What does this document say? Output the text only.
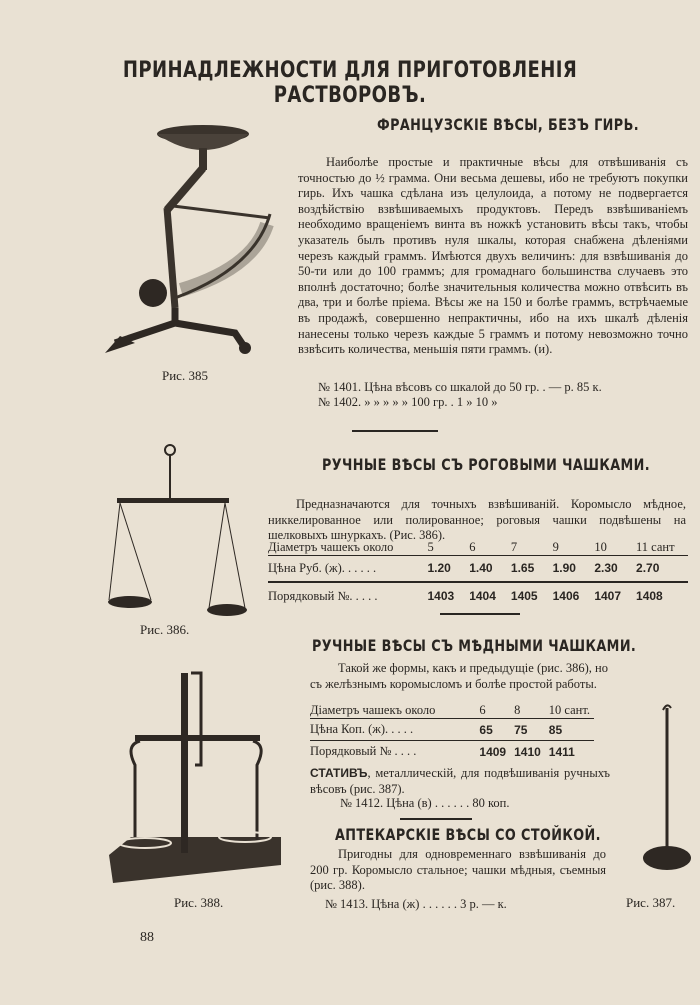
ПРИНАДЛЕЖНОСТИ ДЛЯ ПРИГОТОВЛЕНІЯ РАСТВОРОВЪ.
Рис. 385
ФРАНЦУЗСКІЕ ВѢСЫ, БЕЗЪ ГИРЬ.

Наиболѣе простые и практичные вѣсы для отвѣшиванія съ точностью до ½ грамма. Они весьма дешевы, ибо не требуютъ покупки гирь. Ихъ чашка сдѣлана изъ целулоида, а потому не подвергается воздѣйствію взвѣшиваемыхъ продуктовъ. Передъ взвѣшиваніемъ необходимо вращеніемъ винта въ ножкѣ установить вѣсы такъ, чтобы указатель былъ противъ нуля шкалы, которая снабжена дѣленіями черезъ каждый граммъ. Имѣются двухъ величинъ: для взвѣшиванія до 50-ти или до 100 граммъ; для громаднаго большинства случаевъ это вполнѣ достаточно; болѣе значительныя количества можно отвѣсить въ два, три и болѣе пріема. Вѣсы же на 150 и болѣе граммъ, встрѣчаемые въ продажѣ, совершенно непрактичны, ибо на ихъ шкалѣ дѣленія нанесены только черезъ каждые 5 граммъ и потому невозможно точно взвѣсить количества, меньшія пяти граммъ. (и).

№ 1401. Цѣна вѣсовъ со шкалой до 50 гр. . — р. 85 к.
№ 1402. » » » » » 100 гр. . 1 » 10 »
Рис. 386.
РУЧНЫЕ ВѢСЫ СЪ РОГОВЫМИ ЧАШКАМИ.

Предназначаются для точныхъ взвѣшиваній. Коромысло мѣдное, никкелированное или полированное; роговыя чашки подвѣшены на шелковыхъ шнуркахъ. (Рис. 386).

Діаметръ чашекъ около	5	6	7	9	10	11 сант
Цѣна Руб. (ж). . . . . .	1.20	1.40	1.65	1.90	2.30	2.70
Порядковый №. . . . .	1403	1404	1405	1406	1407	1408
Рис. 388.
РУЧНЫЕ ВѢСЫ СЪ МѢДНЫМИ ЧАШКАМИ.

Такой же формы, какъ и предыдущіе (рис. 386), но съ желѣзнымъ коромысломъ и болѣе простой работы.

Діаметръ чашекъ около	6	8	10 сант.
Цѣна Коп. (ж). . . . .	65	75	85
Порядковый № . . . .	1409	1410	1411
СТАТИВЪ, металлическій, для подвѣшиванія ручныхъ вѣсовъ (рис. 387).
№ 1412. Цѣна (в) . . . . . . 80 коп.
Рис. 387.
АПТЕКАРСКІЕ ВѢСЫ СО СТОЙКОЙ.

Пригодны для одновременнаго взвѣшиванія до 200 гр. Коромысло стальное; чашки мѣдныя, съемныя (рис. 388).

№ 1413. Цѣна (ж) . . . . . . 3 р. — к.
88
